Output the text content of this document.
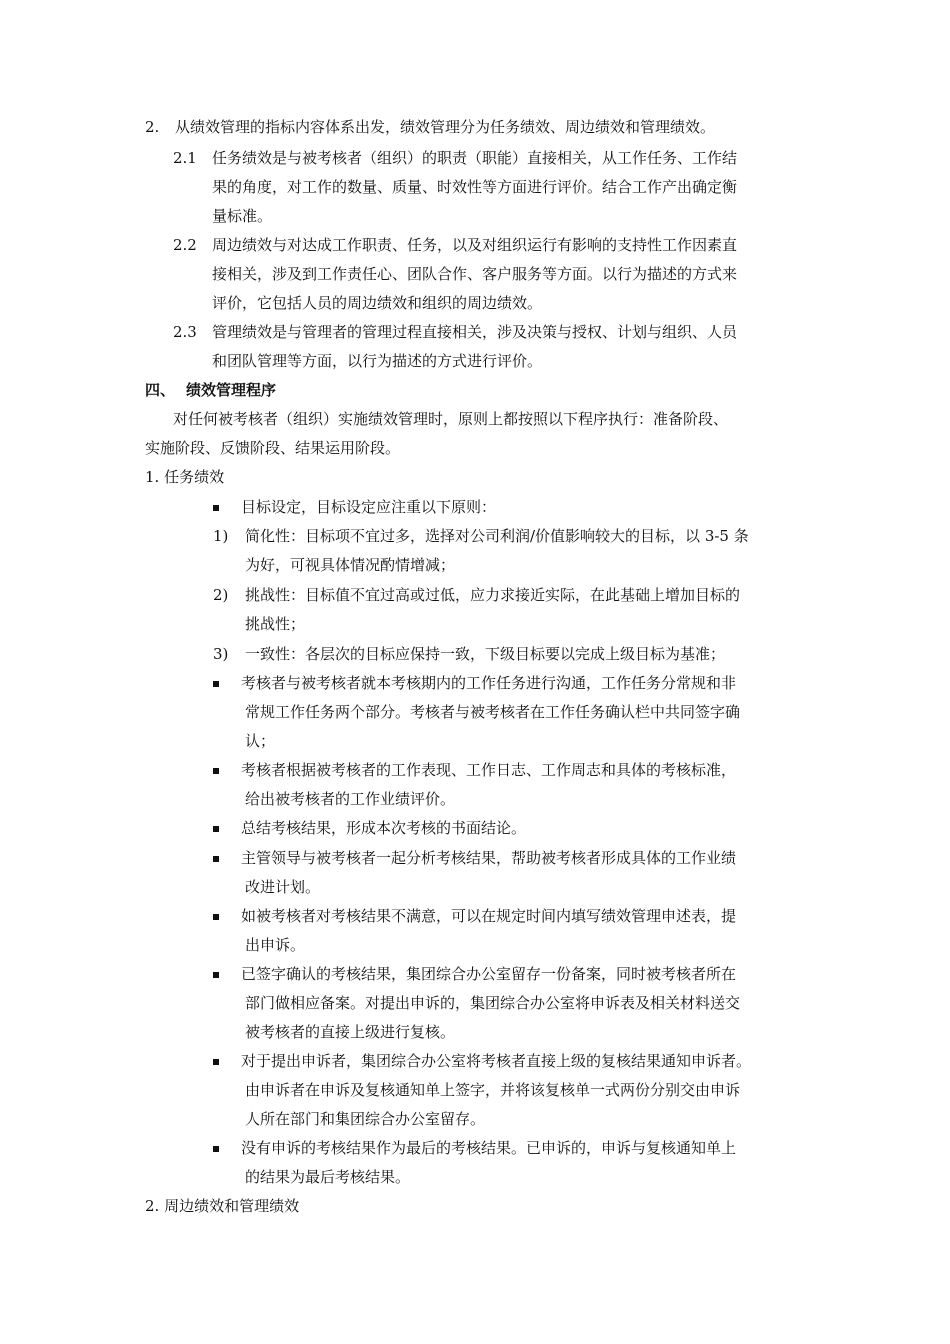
2. 从绩效管理的指标内容体系出发，绩效管理分为任务绩效、周边绩效和管理绩效。
2.1 任务绩效是与被考核者（组织）的职责（职能）直接相关，从工作任务、工作结
果的角度，对工作的数量、质量、时效性等方面进行评价。结合工作产出确定衡
量标准。
2.2 周边绩效与对达成工作职责、任务，以及对组织运行有影响的支持性工作因素直
接相关，涉及到工作责任心、团队合作、客户服务等方面。以行为描述的方式来
评价，它包括人员的周边绩效和组织的周边绩效。
2.3 管理绩效是与管理者的管理过程直接相关，涉及决策与授权、计划与组织、人员
和团队管理等方面，以行为描述的方式进行评价。
四、 绩效管理程序
对任何被考核者（组织）实施绩效管理时，原则上都按照以下程序执行：准备阶段、
实施阶段、反馈阶段、结果运用阶段。
1. 任务绩效
目标设定，目标设定应注重以下原则：
1) 简化性：目标项不宜过多，选择对公司利润/价值影响较大的目标，以 3-5 条
为好，可视具体情况酌情增减；
2) 挑战性：目标值不宜过高或过低，应力求接近实际，在此基础上增加目标的
挑战性；
3) 一致性：各层次的目标应保持一致，下级目标要以完成上级目标为基准；
考核者与被考核者就本考核期内的工作任务进行沟通，工作任务分常规和非
常规工作任务两个部分。考核者与被考核者在工作任务确认栏中共同签字确
认；
考核者根据被考核者的工作表现、工作日志、工作周志和具体的考核标准，
给出被考核者的工作业绩评价。
总结考核结果，形成本次考核的书面结论。
主管领导与被考核者一起分析考核结果，帮助被考核者形成具体的工作业绩
改进计划。
如被考核者对考核结果不满意，可以在规定时间内填写绩效管理申述表，提
出申诉。
已签字确认的考核结果，集团综合办公室留存一份备案，同时被考核者所在
部门做相应备案。对提出申诉的，集团综合办公室将申诉表及相关材料送交
被考核者的直接上级进行复核。
对于提出申诉者，集团综合办公室将考核者直接上级的复核结果通知申诉者。
由申诉者在申诉及复核通知单上签字，并将该复核单一式两份分别交由申诉
人所在部门和集团综合办公室留存。
没有申诉的考核结果作为最后的考核结果。已申诉的，申诉与复核通知单上
的结果为最后考核结果。
2. 周边绩效和管理绩效
